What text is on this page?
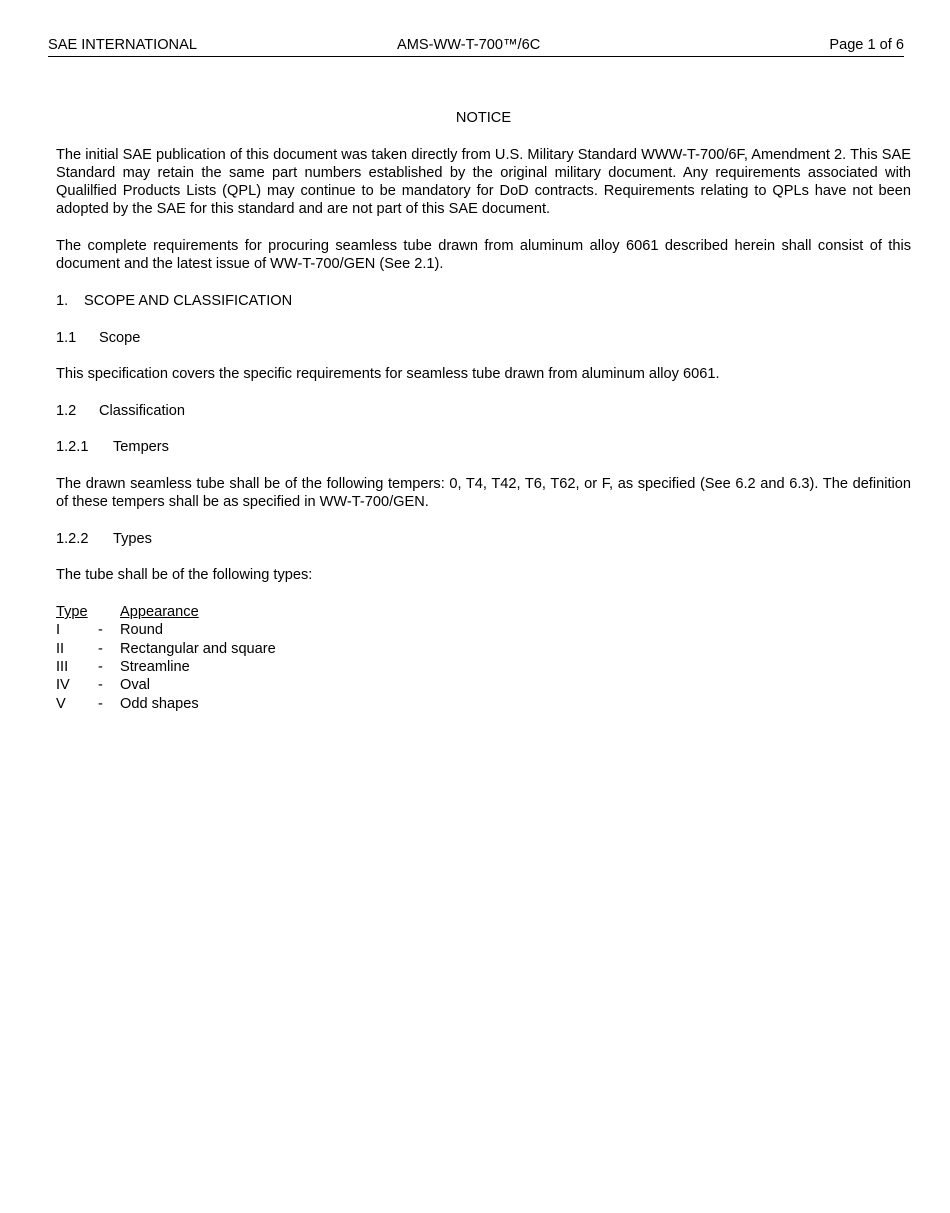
SAE INTERNATIONAL	AMS-WW-T-700™/6C	Page 1 of 6
NOTICE

The initial SAE publication of this document was taken directly from U.S. Military Standard WWW-T-700/6F, Amendment 2. This SAE Standard may retain the same part numbers established by the original military document. Any requirements associated with Qualilfied Products Lists (QPL) may continue to be mandatory for DoD contracts. Requirements relating to QPLs have not been adopted by the SAE for this standard and are not part of this SAE document.

The complete requirements for procuring seamless tube drawn from aluminum alloy 6061 described herein shall consist of this document and the latest issue of WW-T-700/GEN (See 2.1).

1. SCOPE AND CLASSIFICATION
1.1 Scope

This specification covers the specific requirements for seamless tube drawn from aluminum alloy 6061.

1.2 Classification
1.2.1 Tempers

The drawn seamless tube shall be of the following tempers: 0, T4, T42, T6, T62, or F, as specified (See 6.2 and 6.3). The definition of these tempers shall be as specified in WW-T-700/GEN.

1.2.2 Types

The tube shall be of the following types:

Type		Appearance
I	-	Round
II	-	Rectangular and square
III	-	Streamline
IV	-	Oval
V	-	Odd shapes
